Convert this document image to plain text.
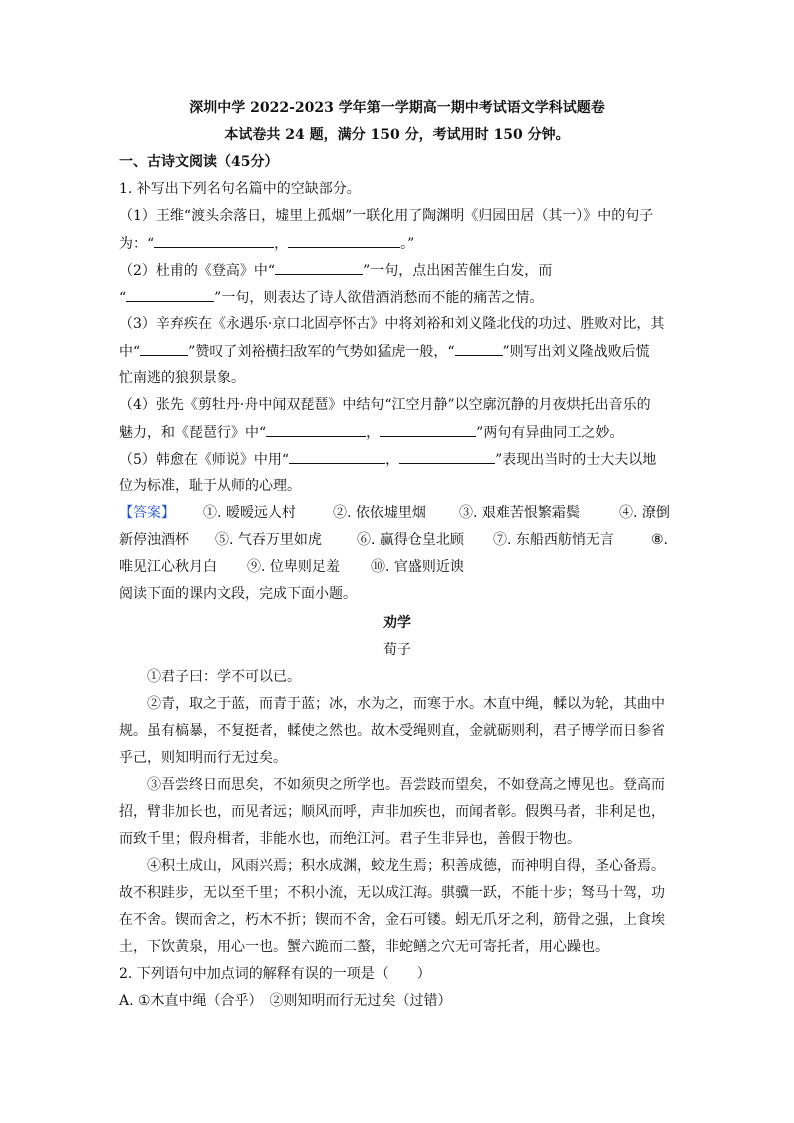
深圳中学 2022-2023 学年第一学期高一期中考试语文学科试题卷
本试卷共 24 题，满分 150 分，考试用时 150 分钟。
一、古诗文阅读（45分）
1. 补写出下列名句名篇中的空缺部分。
（1）王维“渡头余落日，墟里上孤烟”一联化用了陶渊明《归园田居（其一）》中的句子
为：“	，	。”
（2）杜甫的《登高》中“	”一句，点出困苦催生白发，而
“	”一句，则表达了诗人欲借酒消愁而不能的痛苦之情。
（3）辛弃疾在《永遇乐·京口北固亭怀古》中将刘裕和刘义隆北伐的功过、胜败对比，其
中“	”赞叹了刘裕横扫敌军的气势如猛虎一般，“	”则写出刘义隆战败后慌
忙南逃的狼狈景象。
（4）张先《剪牡丹·舟中闻双琵琶》中结句“江空月静”以空廓沉静的月夜烘托出音乐的
魅力，和《琵琶行》中“	，	”两句有异曲同工之妙。
（5）韩愈在《师说》中用“	，	”表现出当时的士大夫以地
位为标准，耻于从师的心理。
【答案】 ①. 暧暧远人村	②. 依依墟里烟 ③. 艰难苦恨繁霜鬓	④. 潦倒
新停浊酒杯 ⑤. 气吞万里如虎	⑥. 赢得仓皇北顾 ⑦. 东船西舫悄无言	⑧.
唯见江心秋月白 ⑨. 位卑则足羞 ⑩. 官盛则近谀
阅读下面的课内文段，完成下面小题。
劝学
荀子
①君子曰：学不可以已。
②青，取之于蓝，而青于蓝；冰，水为之，而寒于水。木直中绳，輮以为轮，其曲中
规。虽有槁暴，不复挺者，輮使之然也。故木受绳则直，金就砺则利，君子博学而日参省
乎己，则知明而行无过矣。
③吾尝终日而思矣，不如须臾之所学也。吾尝跂而望矣，不如登高之博见也。登高而
招，臂非加长也，而见者远；顺风而呼，声非加疾也，而闻者彰。假舆马者，非利足也，
而致千里；假舟楫者，非能水也，而绝江河。君子生非异也，善假于物也。
④积土成山，风雨兴焉；积水成渊，蛟龙生焉；积善成德，而神明自得，圣心备焉。
故不积跬步，无以至千里；不积小流，无以成江海。骐骥一跃，不能十步；驽马十驾，功
在不舍。锲而舍之，朽木不折；锲而不舍，金石可镂。蚓无爪牙之利，筋骨之强，上食埃
土，下饮黄泉，用心一也。蟹六跪而二螯，非蛇鳝之穴无可寄托者，用心躁也。
2. 下列语句中加点词的解释有误的一项是（　　）
A. ①木直中绳（合乎）　②则知明而行无过矣（过错）
